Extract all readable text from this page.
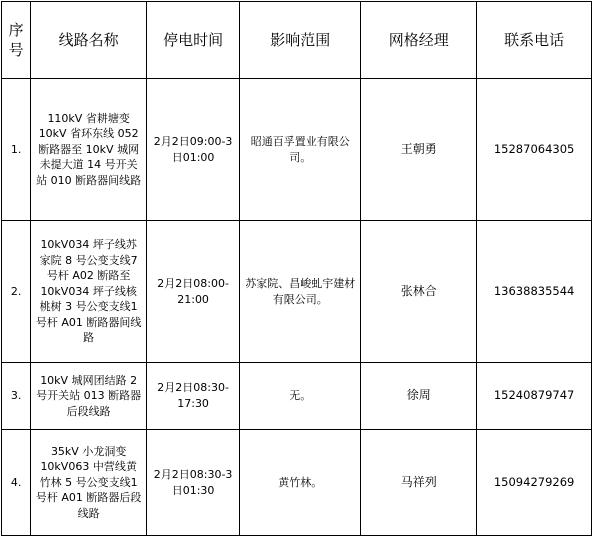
序号	线路名称	停电时间	影响范围	网格经理	联系电话
1.	110kV 省耕塘变10kV 省环东线 052断路器至 10kV 城网未提大道 14 号开关站 010 断路器间线路	2月2日09:00-3日01:00	昭通百孚置业有限公司。	王朝勇	15287064305
2.	10kV034 坪子线苏家院 8 号公变支线7 号杆 A02 断路至10kV034 坪子线核桃树 3 号公变支线1 号杆 A01 断路器间线路	2月2日08:00-21:00	苏家院、昌峻虬宇建材有限公司。	张林合	13638835544
3.	10kV 城网团结路 2号开关站 013 断路器后段线路	2月2日08:30-17:30	无。	徐周	15240879747
4.	35kV 小龙洞变10kV063 中营线黄竹林 5 号公变支线1 号杆 A01 断路器后段线路	2月2日08:30-3日01:30	黄竹林。	马祥列	15094279269
